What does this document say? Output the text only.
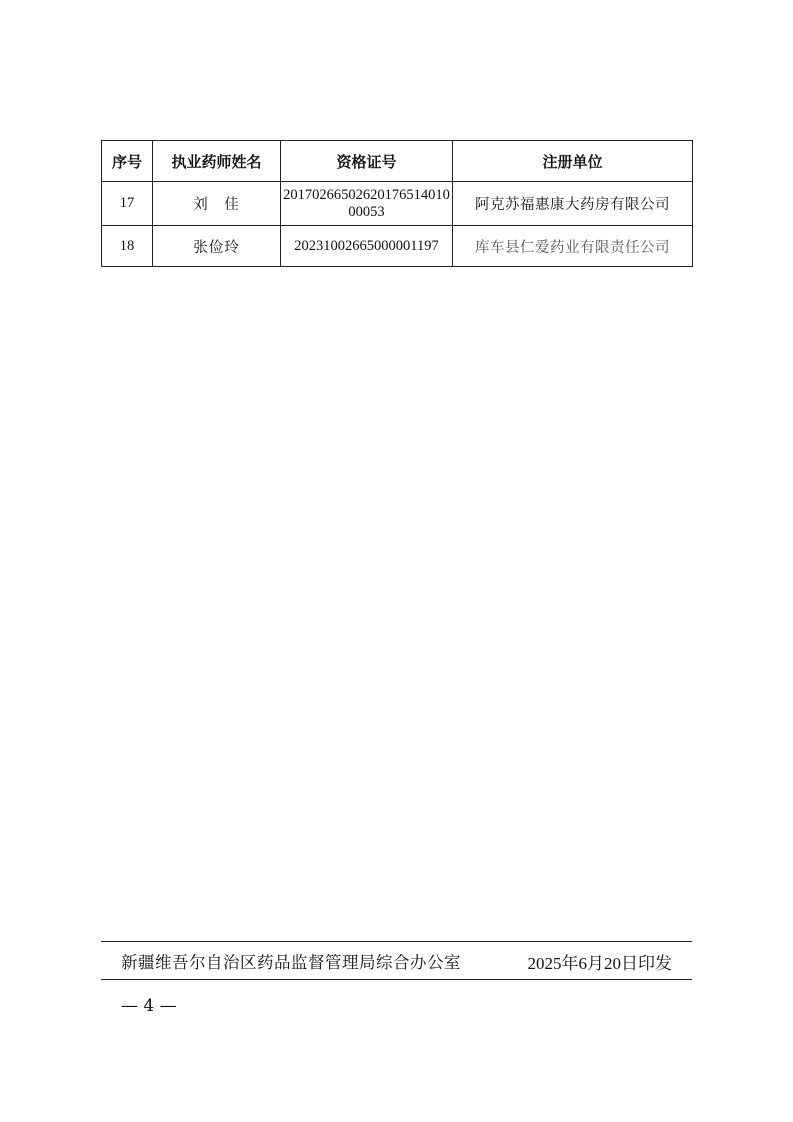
序号	执业药师姓名	资格证号	注册单位
17	刘　佳	2017026650262017651401000053	阿克苏福惠康大药房有限公司
18	张俭玲	20231002665000001197	库车县仁爱药业有限责任公司
新疆维吾尔自治区药品监督管理局综合办公室	2025年6月20日印发
— 4 —
